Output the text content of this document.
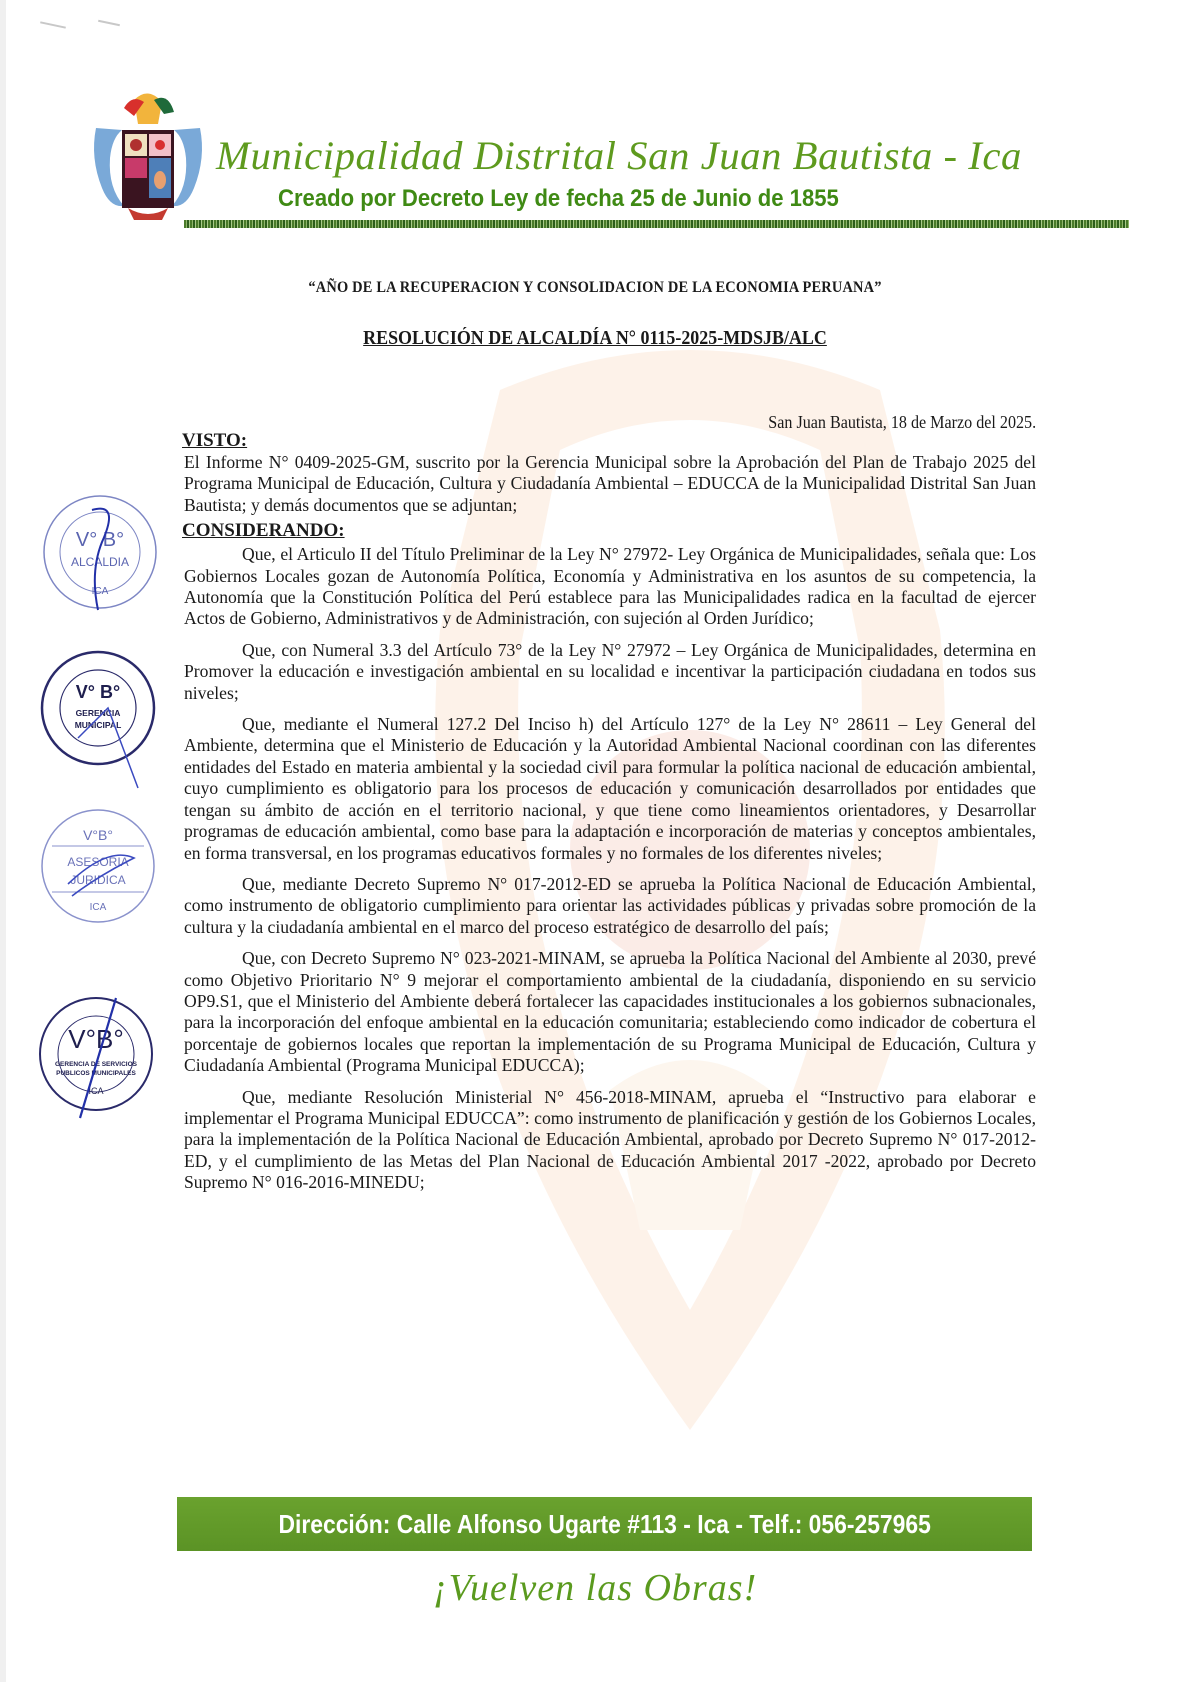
Municipalidad Distrital San Juan Bautista - Ica
Creado por Decreto Ley de fecha 25 de Junio de 1855
“AÑO DE LA RECUPERACION Y CONSOLIDACION DE LA ECONOMIA PERUANA”
RESOLUCIÓN DE ALCALDÍA N° 0115-2025-MDSJB/ALC
San Juan Bautista, 18 de Marzo del 2025.
VISTO:

El Informe N° 0409-2025-GM, suscrito por la Gerencia Municipal sobre la Aprobación del Plan de Trabajo 2025 del Programa Municipal de Educación, Cultura y Ciudadanía Ambiental – EDUCCA de la Municipalidad Distrital San Juan Bautista; y demás documentos que se adjuntan;

CONSIDERANDO:

Que, el Articulo II del Título Preliminar de la Ley N° 27972- Ley Orgánica de Municipalidades, señala que: Los Gobiernos Locales gozan de Autonomía Política, Economía y Administrativa en los asuntos de su competencia, la Autonomía que la Constitución Política del Perú establece para las Municipalidades radica en la facultad de ejercer Actos de Gobierno, Administrativos y de Administración, con sujeción al Orden Jurídico;

Que, con Numeral 3.3 del Artículo 73° de la Ley N° 27972 – Ley Orgánica de Municipalidades, determina en Promover la educación e investigación ambiental en su localidad e incentivar la participación ciudadana en todos sus niveles;

Que, mediante el Numeral 127.2 Del Inciso h) del Artículo 127° de la Ley N° 28611 – Ley General del Ambiente, determina que el Ministerio de Educación y la Autoridad Ambiental Nacional coordinan con las diferentes entidades del Estado en materia ambiental y la sociedad civil para formular la política nacional de educación ambiental, cuyo cumplimiento es obligatorio para los procesos de educación y comunicación desarrollados por entidades que tengan su ámbito de acción en el territorio nacional, y que tiene como lineamientos orientadores, y Desarrollar programas de educación ambiental, como base para la adaptación e incorporación de materias y conceptos ambientales, en forma transversal, en los programas educativos formales y no formales de los diferentes niveles;

Que, mediante Decreto Supremo N° 017-2012-ED se aprueba la Política Nacional de Educación Ambiental, como instrumento de obligatorio cumplimiento para orientar las actividades públicas y privadas sobre promoción de la cultura y la ciudadanía ambiental en el marco del proceso estratégico de desarrollo del país;

Que, con Decreto Supremo N° 023-2021-MINAM, se aprueba la Política Nacional del Ambiente al 2030, prevé como Objetivo Prioritario N° 9 mejorar el comportamiento ambiental de la ciudadanía, disponiendo en su servicio OP9.S1, que el Ministerio del Ambiente deberá fortalecer las capacidades institucionales a los gobiernos subnacionales, para la incorporación del enfoque ambiental en la educación comunitaria; estableciendo como indicador de cobertura el porcentaje de gobiernos locales que reportan la implementación de su Programa Municipal de Educación, Cultura y Ciudadanía Ambiental (Programa Municipal EDUCCA);

Que, mediante Resolución Ministerial N° 456-2018-MINAM, aprueba el “Instructivo para elaborar e implementar el Programa Municipal EDUCCA”: como instrumento de planificación y gestión de los Gobiernos Locales, para la implementación de la Política Nacional de Educación Ambiental, aprobado por Decreto Supremo N° 017-2012-ED, y el cumplimiento de las Metas del Plan Nacional de Educación Ambiental 2017 -2022, aprobado por Decreto Supremo N° 016-2016-MINEDU;

V° B°
ALCALDIA
ICA
V° B°
GERENCIA
MUNICIPAL
V°B°
ASESORIA
JURIDICA
ICA
V°B°
GERENCIA DE SERVICIOS
PUBLICOS MUNICIPALES
ICA
Dirección: Calle Alfonso Ugarte #113 - Ica - Telf.: 056-257965
¡Vuelven las Obras!
